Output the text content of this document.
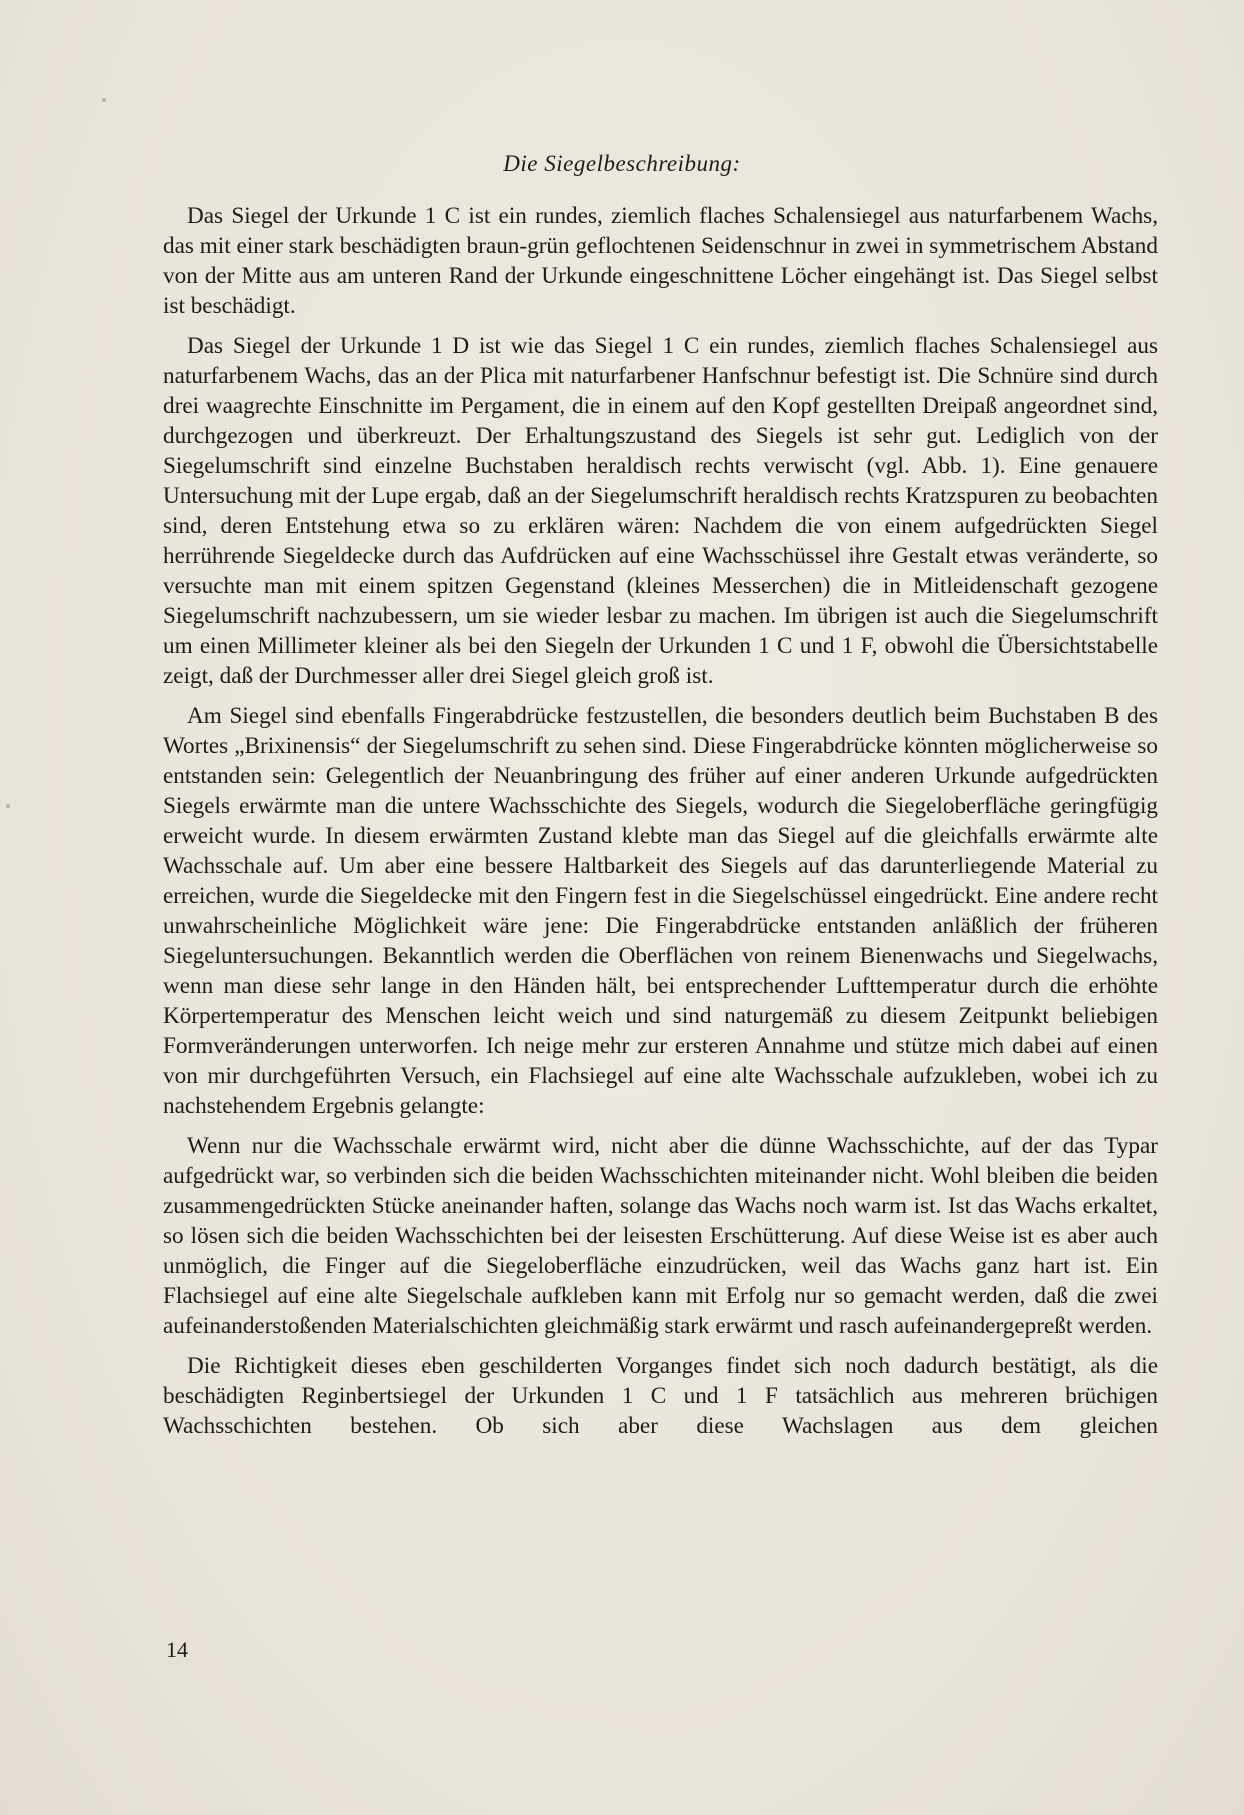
Die Siegelbeschreibung:

Das Siegel der Urkunde 1 C ist ein rundes, ziemlich flaches Schalensiegel aus naturfarbenem Wachs, das mit einer stark beschädigten braun-grün geflochtenen Seidenschnur in zwei in symmetrischem Abstand von der Mitte aus am unteren Rand der Urkunde eingeschnittene Löcher eingehängt ist. Das Siegel selbst ist beschädigt.

Das Siegel der Urkunde 1 D ist wie das Siegel 1 C ein rundes, ziemlich flaches Schalensiegel aus naturfarbenem Wachs, das an der Plica mit naturfarbener Hanfschnur befestigt ist. Die Schnüre sind durch drei waagrechte Einschnitte im Pergament, die in einem auf den Kopf gestellten Dreipaß angeordnet sind, durchgezogen und überkreuzt. Der Erhaltungszustand des Siegels ist sehr gut. Lediglich von der Siegelumschrift sind einzelne Buchstaben heraldisch rechts verwischt (vgl. Abb. 1). Eine genauere Untersuchung mit der Lupe ergab, daß an der Siegelumschrift heraldisch rechts Kratzspuren zu beobachten sind, deren Entstehung etwa so zu erklären wären: Nachdem die von einem aufgedrückten Siegel herrührende Siegeldecke durch das Aufdrücken auf eine Wachsschüssel ihre Gestalt etwas veränderte, so versuchte man mit einem spitzen Gegenstand (kleines Messerchen) die in Mitleidenschaft gezogene Siegelumschrift nachzubessern, um sie wieder lesbar zu machen. Im übrigen ist auch die Siegelumschrift um einen Millimeter kleiner als bei den Siegeln der Urkunden 1 C und 1 F, obwohl die Übersichtstabelle zeigt, daß der Durchmesser aller drei Siegel gleich groß ist.

Am Siegel sind ebenfalls Fingerabdrücke festzustellen, die besonders deutlich beim Buchstaben B des Wortes „Brixinensis“ der Siegelumschrift zu sehen sind. Diese Fingerabdrücke könnten möglicherweise so entstanden sein: Gelegentlich der Neuanbringung des früher auf einer anderen Urkunde aufgedrückten Siegels erwärmte man die untere Wachsschichte des Siegels, wodurch die Siegeloberfläche geringfügig erweicht wurde. In diesem erwärmten Zustand klebte man das Siegel auf die gleichfalls erwärmte alte Wachsschale auf. Um aber eine bessere Haltbarkeit des Siegels auf das darunterliegende Material zu erreichen, wurde die Siegeldecke mit den Fingern fest in die Siegelschüssel eingedrückt. Eine andere recht unwahrscheinliche Möglichkeit wäre jene: Die Fingerabdrücke entstanden anläßlich der früheren Siegeluntersuchungen. Bekanntlich werden die Oberflächen von reinem Bienenwachs und Siegelwachs, wenn man diese sehr lange in den Händen hält, bei entsprechender Lufttemperatur durch die erhöhte Körpertemperatur des Menschen leicht weich und sind naturgemäß zu diesem Zeitpunkt beliebigen Formveränderungen unterworfen. Ich neige mehr zur ersteren Annahme und stütze mich dabei auf einen von mir durchgeführten Versuch, ein Flachsiegel auf eine alte Wachsschale aufzukleben, wobei ich zu nachstehendem Ergebnis gelangte:

Wenn nur die Wachsschale erwärmt wird, nicht aber die dünne Wachsschichte, auf der das Typar aufgedrückt war, so verbinden sich die beiden Wachsschichten miteinander nicht. Wohl bleiben die beiden zusammengedrückten Stücke aneinander haften, solange das Wachs noch warm ist. Ist das Wachs erkaltet, so lösen sich die beiden Wachsschichten bei der leisesten Erschütterung. Auf diese Weise ist es aber auch unmöglich, die Finger auf die Siegeloberfläche einzudrücken, weil das Wachs ganz hart ist. Ein Flachsiegel auf eine alte Siegelschale aufkleben kann mit Erfolg nur so gemacht werden, daß die zwei aufeinanderstoßenden Materialschichten gleichmäßig stark erwärmt und rasch aufeinandergepreßt werden.

Die Richtigkeit dieses eben geschilderten Vorganges findet sich noch dadurch bestätigt, als die beschädigten Reginbertsiegel der Urkunden 1 C und 1 F tatsächlich aus mehreren brüchigen Wachsschichten bestehen. Ob sich aber diese Wachslagen aus dem gleichen

14
